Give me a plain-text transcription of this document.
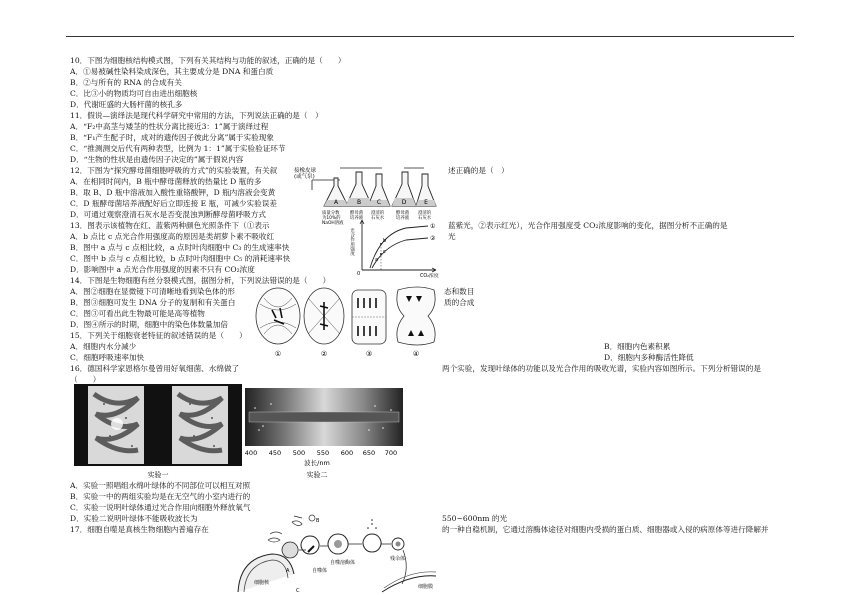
10．下图为细胞核结构模式图，下列有关其结构与功能的叙述，正确的是（　　）
A．①易被碱性染料染成深色，其主要成分是 DNA 和蛋白质
B．②与所有的 RNA 的合成有关
C．比③小的物质均可自由进出细胞核
D．代谢旺盛的大肠杆菌的核孔多
11．假说—演绎法是现代科学研究中常用的方法，下列说法正确的是（　）
A．“F₂中高茎与矮茎的性状分离比接近3：1”属于演绎过程
B．“F₁产生配子时，成对的遗传因子彼此分离”属于实验现象
C．“推测测交后代有两种表型，比例为 1：1”属于实验验证环节
D．“生物的性状是由遗传因子决定的”属于假说内容
12．下图为“探究酵母菌细胞呼吸的方式”的实验装置，有关叙	述正确的是（　）
A．在相同时间内，B 瓶中酵母菌释放的热量比 D 瓶的多
B．取 B、D 瓶中溶液加入酸性重铬酸钾，D 瓶内溶液会变黄
C．D 瓶酵母菌培养液配好后立即连接 E 瓶，可减少实验误差
D．可通过观察澄清石灰水是否变混浊判断酵母菌呼吸方式
接橡皮球(或气泵)
A	B	C	D	E
质量分数为10%的 NaOH溶液
酵母菌培养液
澄清的石灰水
酵母菌培养液
澄清的石灰水
13．图表示该植物在红、蓝紫两种颜色光照条件下（①表示	蓝紫光，②表示红光），光合作用强度受 CO₂浓度影响的变化，据图分析不正确的是
A．b 点比 c 点光合作用强度高的原因是类胡萝卜素不吸收红	光
B．图中 a 点与 c 点相比较，a 点时叶肉细胞中 C₃ 的生成速率快
C．图中 b 点与 c 点相比较，b 点时叶肉细胞中 C₅ 的消耗速率快
D．影响图中 a 点光合作用强度的因素不只有 CO₂浓度
①
②
b
c
a
0
光合作用强度
CO₂浓度
14．下图是生物细胞有丝分裂模式图，据图分析，下列说法错误的是（　　）
A．图②细胞在显微镜下可清晰地看到染色体的形	态和数目
B．图③细胞可发生 DNA 分子的复制和有关蛋白	质的合成
C．图③可看出此生物最可能是高等植物
D．图④所示的时期，细胞中的染色体数量加倍
①	②	③	④
15．下列关于细胞衰老特征的叙述错误的是（　　）
A．细胞内水分减少	B．细胞内色素积累
C．细胞呼吸速率加快	D．细胞内多种酶活性降低
16．德国科学家恩格尔曼曾用好氧细菌、水绵做了	两个实验，发现叶绿体的功能以及光合作用的吸收光谱，实验内容如图所示。下列分析错误的是
（　　）
实验一
400 450 500 550 600 650 700
波长/nm
实验二
A．实验一照唱组水绵叶绿体的不同部位可以相互对照
B．实验一中的两组实验均是在无空气的小室内进行的
C．实验一说明叶绿体通过光合作用向细胞外释放氧气
D．实验二说明叶绿体不能吸收波长为	550~600nm 的光
17．细胞自噬是真核生物细胞内普遍存在	的一种自稳机制，它通过溶酶体途径对细胞内受损的蛋白质、细胞器或入侵的病原体等进行降解并
细胞核
自噬体
自噬溶酶体
残余体
细胞膜
A
C
B
